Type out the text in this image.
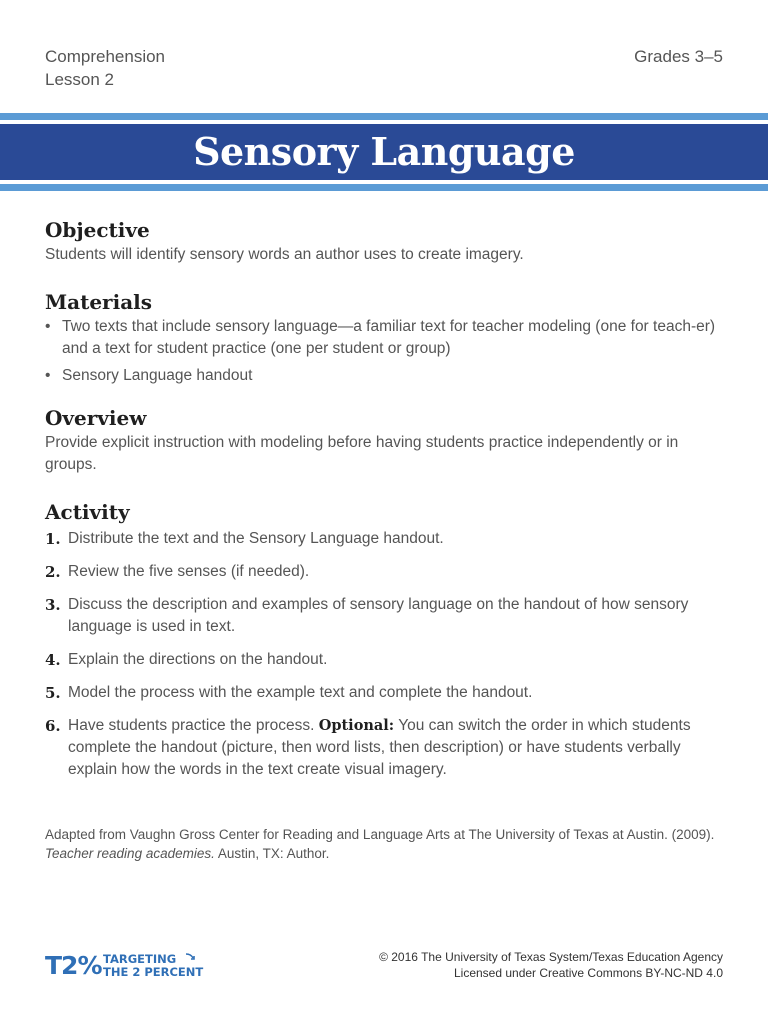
Comprehension
Lesson 2
Grades 3–5
Sensory Language
Objective

Students will identify sensory words an author uses to create imagery.

Materials
• Two texts that include sensory language—a familiar text for teacher modeling (one for teach-er) and a text for student practice (one per student or group)
• Sensory Language handout
Overview

Provide explicit instruction with modeling before having students practice independently or in groups.

Activity
1. Distribute the text and the Sensory Language handout.
2. Review the five senses (if needed).
3. Discuss the description and examples of sensory language on the handout of how sensory language is used in text.
4. Explain the directions on the handout.
5. Model the process with the example text and complete the handout.
6. Have students practice the process. Optional: You can switch the order in which students complete the handout (picture, then word lists, then description) or have students verbally explain how the words in the text create visual imagery.
Adapted from Vaughn Gross Center for Reading and Language Arts at The University of Texas at Austin. (2009).
Teacher reading academies. Austin, TX: Author.
T2% TARGETING
THE 2 PERCENT
© 2016 The University of Texas System/Texas Education Agency
Licensed under Creative Commons BY-NC-ND 4.0
